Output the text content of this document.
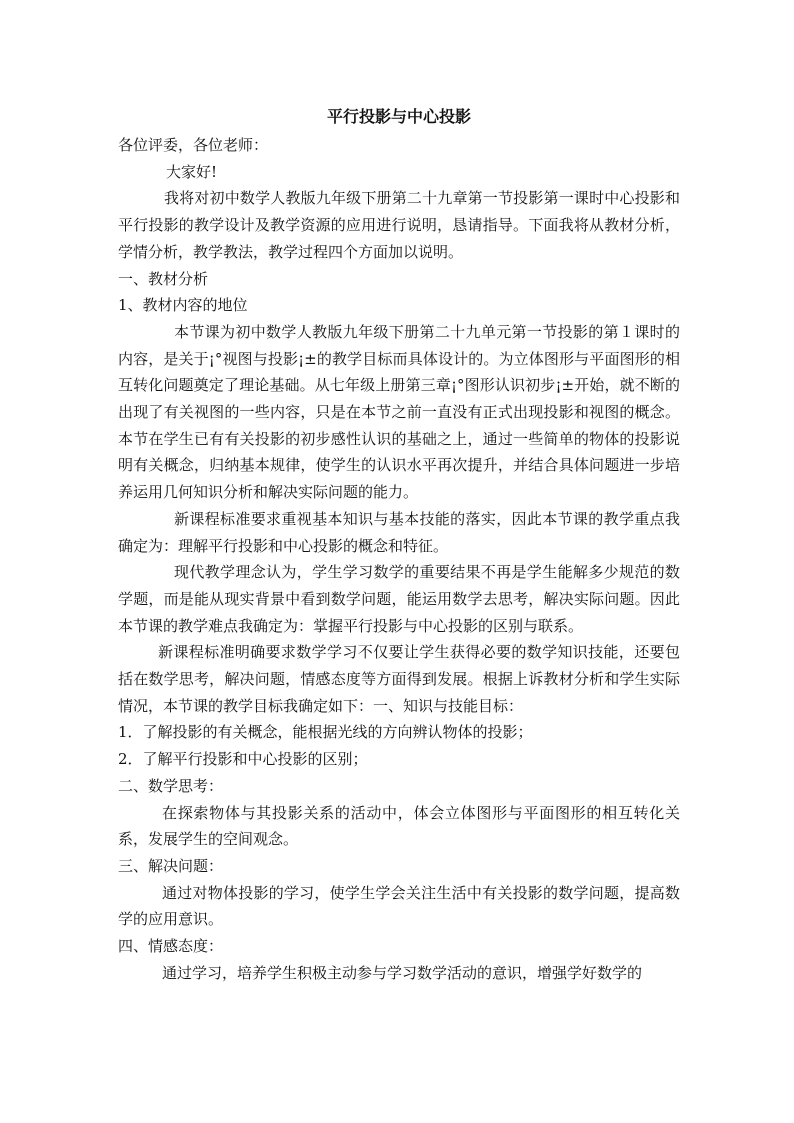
平行投影与中心投影

各位评委，各位老师：

大家好!

我将对初中数学人教版九年级下册第二十九章第一节投影第一课时中心投影和平行投影的教学设计及教学资源的应用进行说明，恳请指导。下面我将从教材分析，学情分析，教学教法，教学过程四个方面加以说明。

一、教材分析

1、教材内容的地位

本节课为初中数学人教版九年级下册第二十九单元第一节投影的第１课时的内容，是关于¡°视图与投影¡±的教学目标而具体设计的。为立体图形与平面图形的相互转化问题奠定了理论基础。从七年级上册第三章¡°图形认识初步¡±开始，就不断的出现了有关视图的一些内容，只是在本节之前一直没有正式出现投影和视图的概念。本节在学生已有有关投影的初步感性认识的基础之上，通过一些简单的物体的投影说明有关概念，归纳基本规律，使学生的认识水平再次提升，并结合具体问题进一步培养运用几何知识分析和解决实际问题的能力。

新课程标准要求重视基本知识与基本技能的落实，因此本节课的教学重点我确定为：理解平行投影和中心投影的概念和特征。

现代教学理念认为，学生学习数学的重要结果不再是学生能解多少规范的数学题，而是能从现实背景中看到数学问题，能运用数学去思考，解决实际问题。因此本节课的教学难点我确定为：掌握平行投影与中心投影的区别与联系。

新课程标准明确要求数学学习不仅要让学生获得必要的数学知识技能，还要包括在数学思考，解决问题，情感态度等方面得到发展。根据上诉教材分析和学生实际情况，本节课的教学目标我确定如下：一、知识与技能目标：

1．了解投影的有关概念，能根据光线的方向辨认物体的投影；

2．了解平行投影和中心投影的区别；

二、数学思考：

在探索物体与其投影关系的活动中，体会立体图形与平面图形的相互转化关系，发展学生的空间观念。

三、解决问题：

通过对物体投影的学习，使学生学会关注生活中有关投影的数学问题，提高数学的应用意识。

四、情感态度：

通过学习，培养学生积极主动参与学习数学活动的意识，增强学好数学的
